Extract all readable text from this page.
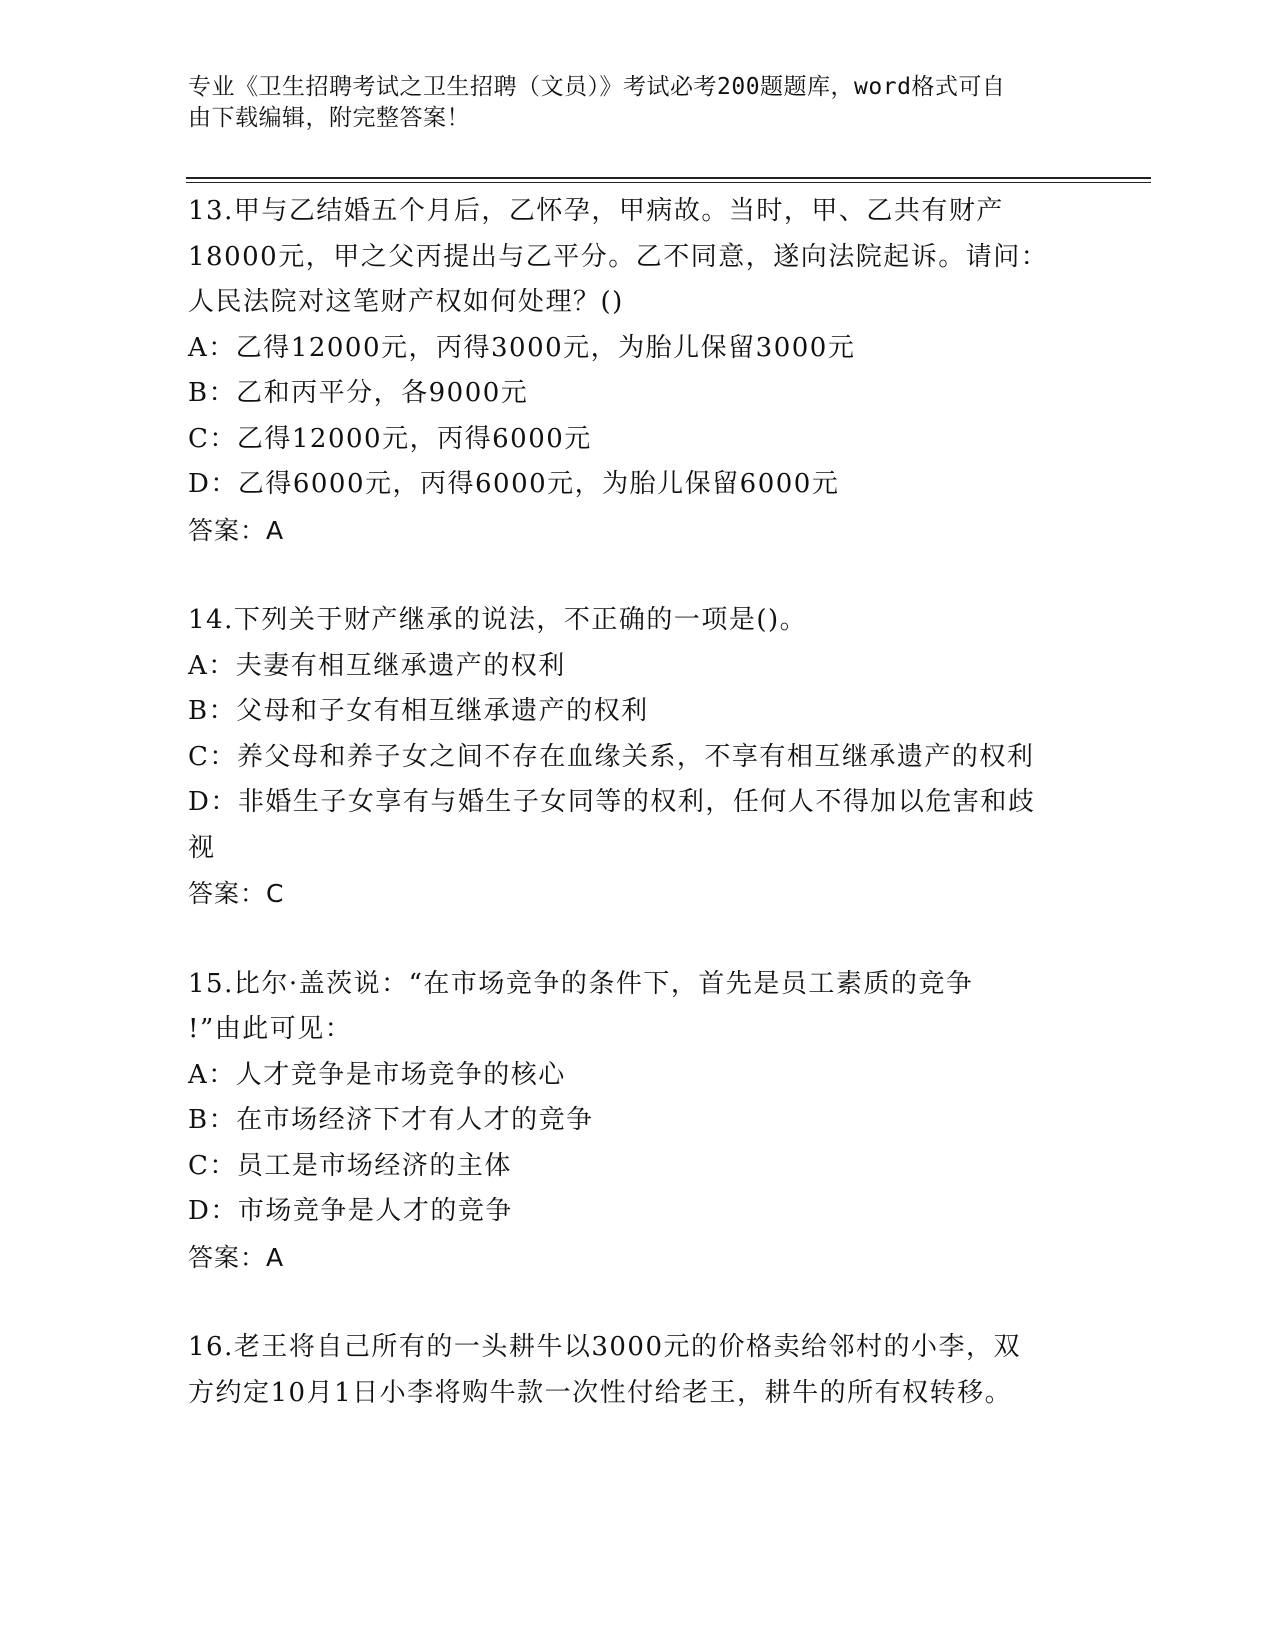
专业《卫生招聘考试之卫生招聘（文员）》考试必考200题题库，word格式可自
由下载编辑，附完整答案！
13.甲与乙结婚五个月后，乙怀孕，甲病故。当时，甲、乙共有财产
18000元，甲之父丙提出与乙平分。乙不同意，遂向法院起诉。请问：
人民法院对这笔财产权如何处理？()
A：乙得12000元，丙得3000元，为胎儿保留3000元
B：乙和丙平分，各9000元
C：乙得12000元，丙得6000元
D：乙得6000元，丙得6000元，为胎儿保留6000元
答案：A
14.下列关于财产继承的说法，不正确的一项是()。
A：夫妻有相互继承遗产的权利
B：父母和子女有相互继承遗产的权利
C：养父母和养子女之间不存在血缘关系，不享有相互继承遗产的权利
D：非婚生子女享有与婚生子女同等的权利，任何人不得加以危害和歧
视
答案：C
15.比尔·盖茨说：“在市场竞争的条件下，首先是员工素质的竞争
!”由此可见：
A：人才竞争是市场竞争的核心
B：在市场经济下才有人才的竞争
C：员工是市场经济的主体
D：市场竞争是人才的竞争
答案：A
16.老王将自己所有的一头耕牛以3000元的价格卖给邻村的小李，双
方约定10月1日小李将购牛款一次性付给老王，耕牛的所有权转移。
